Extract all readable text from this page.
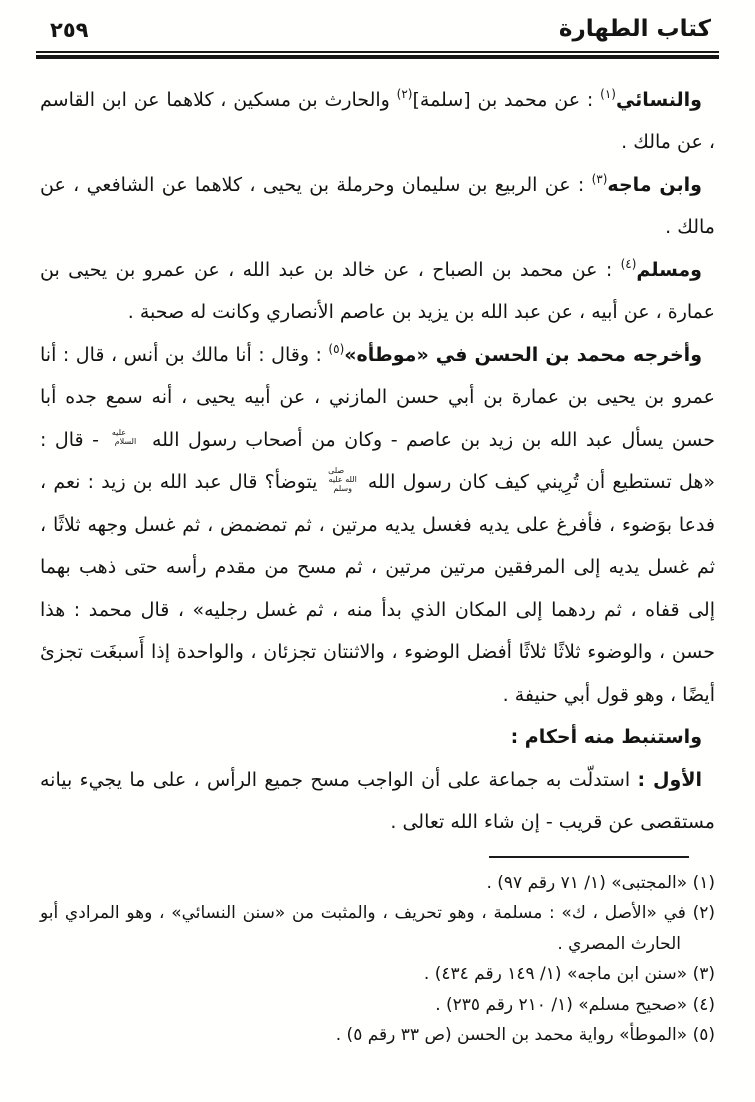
كتاب الطهارة
٢٥٩

والنسائي$^{(١)}$ : عن محمد بن [سلمة]$^{(٢)}$ والحارث بن مسكين ، كلاهما عن ابن القاسم ، عن مالك .

وابن ماجه$^{(٣)}$ : عن الربيع بن سليمان وحرملة بن يحيى ، كلاهما عن الشافعي ، عن مالك .

ومسلم$^{(٤)}$ : عن محمد بن الصباح ، عن خالد بن عبد الله ، عن عمرو بن يحيى بن عمارة ، عن أبيه ، عن عبد الله بن يزيد بن عاصم الأنصاري وكانت له صحبة .

وأخرجه محمد بن الحسن في «موطأه»$^{(٥)}$ : وقال : أنا مالك بن أنس ، قال : أنا عمرو بن يحيى بن عمارة بن أبي حسن المازني ، عن أبيه يحيى ، أنه سمع جده أبا حسن يسأل عبد الله بن زيد بن عاصم - وكان من أصحاب رسول الله عليه السلام - قال : «هل تستطيع أن تُرِيني كيف كان رسول الله صلى الله عليه وسلم يتوضأ؟ قال عبد الله بن زيد : نعم ، فدعا بوَضوء ، فأفرغ على يديه فغسل يديه مرتين ، ثم تمضمض ، ثم غسل وجهه ثلاثًا ، ثم غسل يديه إلى المرفقين مرتين مرتين ، ثم مسح من مقدم رأسه حتى ذهب بهما إلى قفاه ، ثم ردهما إلى المكان الذي بدأ منه ، ثم غسل رجليه» ، قال محمد : هذا حسن ، والوضوء ثلاثًا ثلاثًا أفضل الوضوء ، والاثنتان تجزئان ، والواحدة إذا أَسبغَت تجزئ أيضًا ، وهو قول أبي حنيفة .

واستنبط منه أحكام :

الأول : استدلّت به جماعة على أن الواجب مسح جميع الرأس ، على ما يجيء بيانه مستقصى عن قريب - إن شاء الله تعالى .

(١) «المجتبى» (١/ ٧١ رقم ٩٧) .
(٢) في «الأصل ، ك» : مسلمة ، وهو تحريف ، والمثبت من «سنن النسائي» ، وهو المرادي أبو الحارث المصري .
(٣) «سنن ابن ماجه» (١/ ١٤٩ رقم ٤٣٤) .
(٤) «صحيح مسلم» (١/ ٢١٠ رقم ٢٣٥) .
(٥) «الموطأ» رواية محمد بن الحسن (ص ٣٣ رقم ٥) .
